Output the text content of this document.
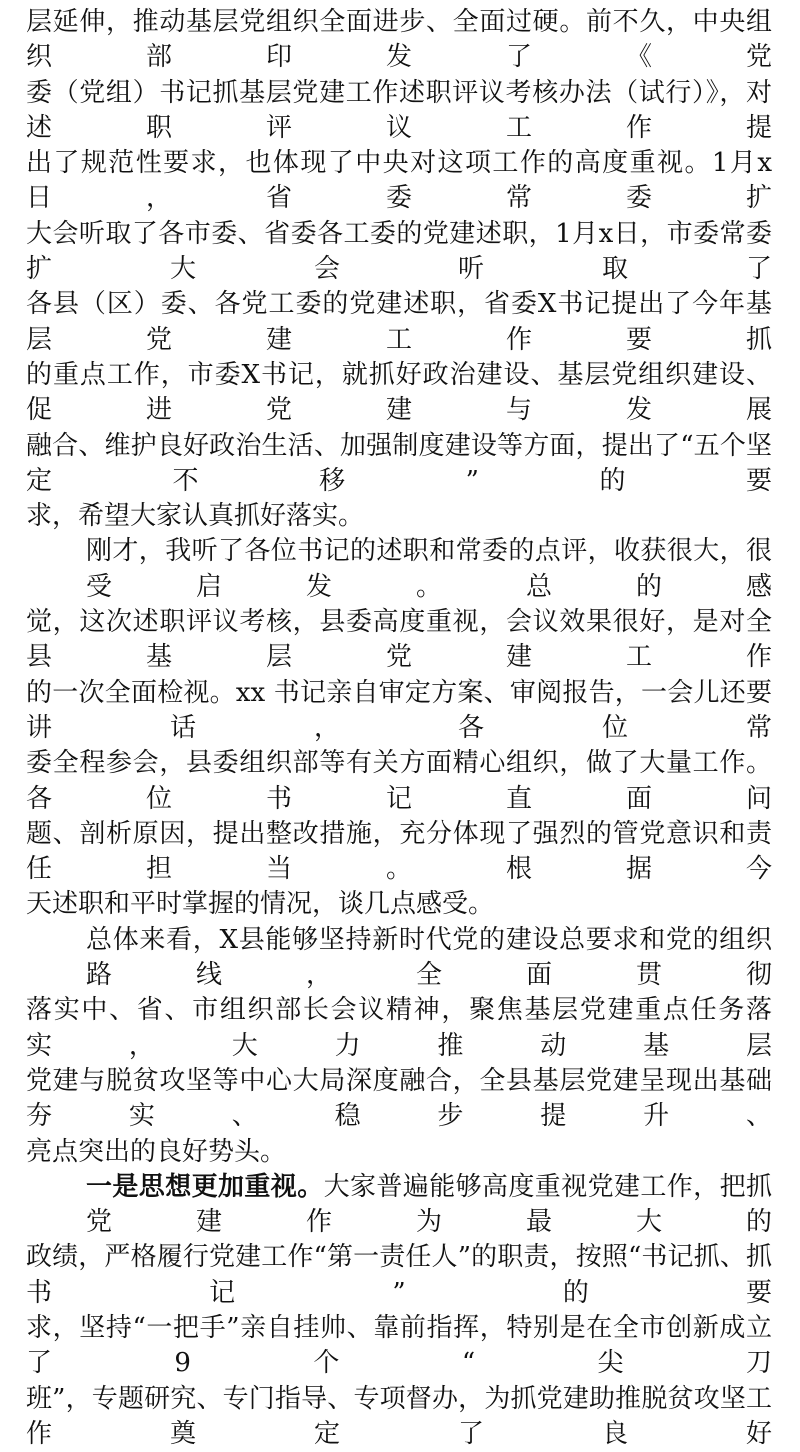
层延伸，推动基层党组织全面进步、全面过硬。前不久，中央组织部印发了《党
委（党组）书记抓基层党建工作述职评议考核办法（试行）》，对述职评议工作提
出了规范性要求，也体现了中央对这项工作的高度重视。1月x日，省委常委扩
大会听取了各市委、省委各工委的党建述职，1月x日，市委常委扩大会听取了
各县（区）委、各党工委的党建述职，省委X书记提出了今年基层党建工作要抓
的重点工作，市委X书记，就抓好政治建设、基层党组织建设、促进党建与发展
融合、维护良好政治生活、加强制度建设等方面，提出了“五个坚定不移”的要
求，希望大家认真抓好落实。
刚才，我听了各位书记的述职和常委的点评，收获很大，很受启发。总的感
觉，这次述职评议考核，县委高度重视，会议效果很好，是对全县基层党建工作
的一次全面检视。xx 书记亲自审定方案、审阅报告，一会儿还要讲话，各位常
委全程参会，县委组织部等有关方面精心组织，做了大量工作。各位书记直面问
题、剖析原因，提出整改措施，充分体现了强烈的管党意识和责任担当。根据今
天述职和平时掌握的情况，谈几点感受。
总体来看，X县能够坚持新时代党的建设总要求和党的组织路线，全面贯彻
落实中、省、市组织部长会议精神，聚焦基层党建重点任务落实，大力推动基层
党建与脱贫攻坚等中心大局深度融合，全县基层党建呈现出基础夯实、稳步提升、
亮点突出的良好势头。
一是思想更加重视。大家普遍能够高度重视党建工作，把抓党建作为最大的
政绩，严格履行党建工作“第一责任人”的职责，按照“书记抓、抓书记”的要
求，坚持“一把手”亲自挂帅、靠前指挥，特别是在全市创新成立了9个“尖刀
班”，专题研究、专门指导、专项督办，为抓党建助推脱贫攻坚工作奠定了良好
